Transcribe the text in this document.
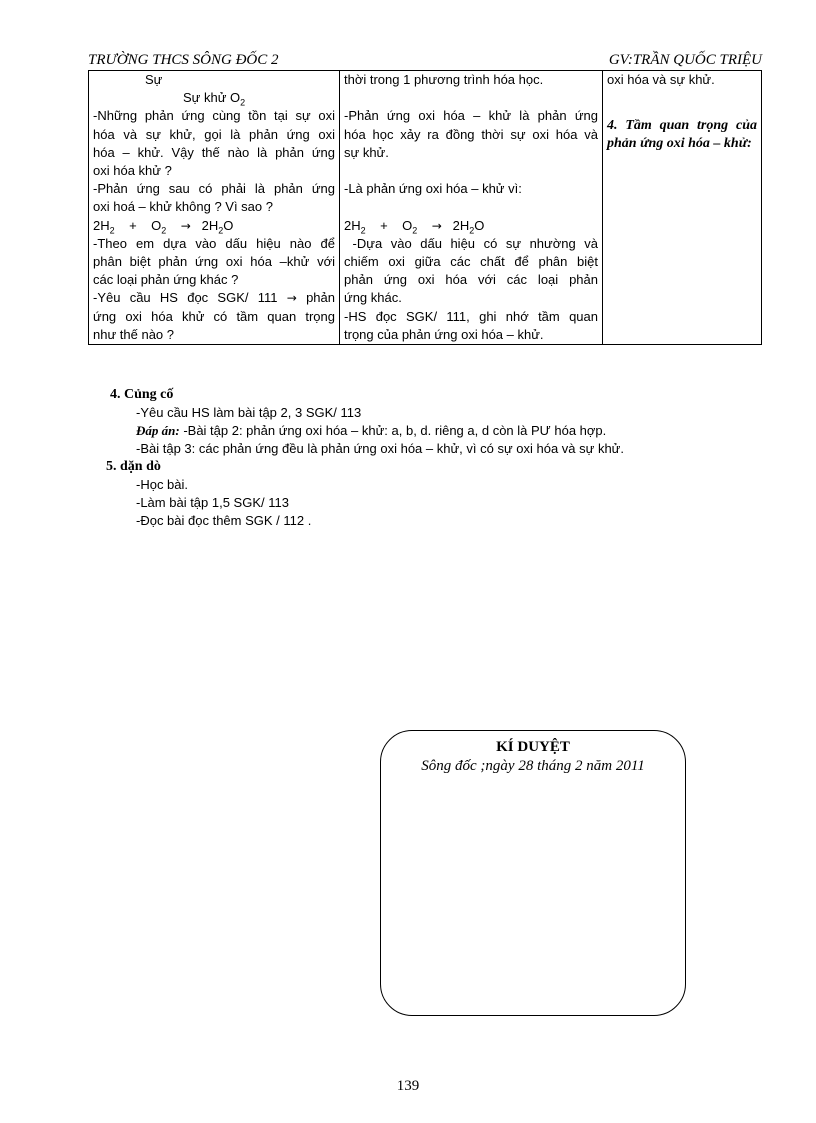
TRƯỜNG THCS SÔNG ĐỐC 2	GV:TRẦN QUỐC TRIỆU
Sự
Sự khử $O_2$
-Những phản ứng cùng tồn tại sự oxi
hóa và sự khử, gọi là phản ứng oxi
hóa – khử. Vậy thế nào là phản ứng
oxi hóa khử ?
-Phản ứng sau có phải là phản ứng
oxi hoá – khử không ? Vì sao ?
$2H_2 + O_2 \to 2H_2O$
-Theo em dựa vào dấu hiệu nào để
phân biệt phản ứng oxi hóa –khử với
các loại phản ứng khác ?
-Yêu cầu HS đọc SGK/ 111 → phản
ứng oxi hóa khử có tầm quan trọng
như thế nào ?

thời trong 1 phương trình hóa học.
-Phản ứng oxi hóa – khử là phản ứng
hóa học xảy ra đồng thời sự oxi hóa và
sự khử.
-Là phản ứng oxi hóa – khử vì:
$2H_2 + O_2 \to 2H_2O$
-Dựa vào dấu hiệu có sự nhường và
chiếm oxi giữa các chất để phân biệt
phản ứng oxi hóa với các loại phản
ứng khác.
-HS đọc SGK/ 111, ghi nhớ tầm quan
trọng của phản ứng oxi hóa – khử.

oxi hóa và sự khử.
4. Tầm quan trọng của phản ứng oxi hóa – khử:
4. Củng cố
-Yêu cầu HS làm bài tập 2, 3 SGK/ 113
Đáp án: -Bài tập 2: phản ứng oxi hóa – khử: a, b, d. riêng a, d còn là PƯ hóa hợp.
-Bài tập 3: các phản ứng đều là phản ứng oxi hóa – khử, vì có sự oxi hóa và sự khử.
5. dặn dò
-Học bài.
-Làm bài tập 1,5 SGK/ 113
-Đọc bài đọc thêm SGK / 112 .
KÍ DUYỆT
Sông đốc ;ngày 28 tháng 2 năm 2011
139
